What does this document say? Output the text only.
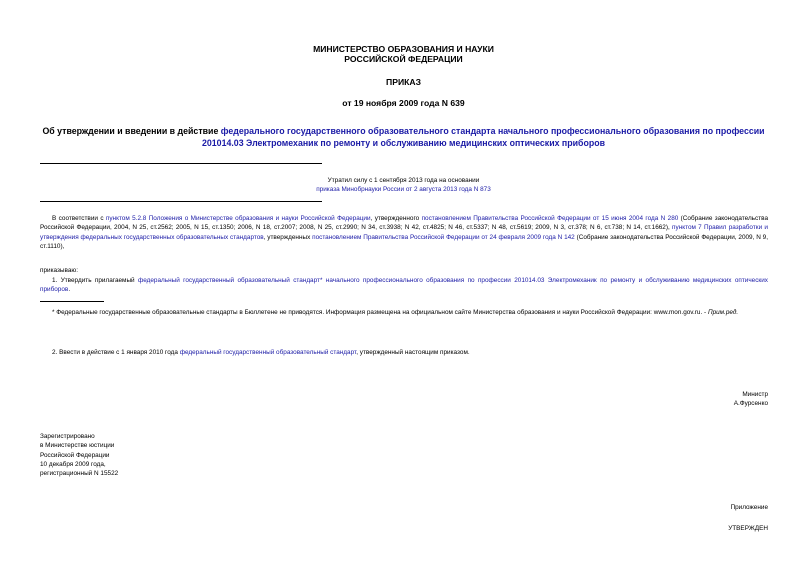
МИНИСТЕРСТВО ОБРАЗОВАНИЯ И НАУКИ
РОССИЙСКОЙ ФЕДЕРАЦИИ
ПРИКАЗ
от 19 ноября 2009 года N 639
Об утверждении и введении в действие федерального государственного образовательного стандарта начального профессионального образования по профессии 201014.03 Электромеханик по ремонту и обслуживанию медицинских оптических приборов
Утратил силу с 1 сентября 2013 года на основании
приказа Минобрнауки России от 2 августа 2013 года N 873
В соответствии с пунктом 5.2.8 Положения о Министерстве образования и науки Российской Федерации, утвержденного постановлением Правительства Российской Федерации от 15 июня 2004 года N 280 (Собрание законодательства Российской Федерации, 2004, N 25, ст.2562; 2005, N 15, ст.1350; 2006, N 18, ст.2007; 2008, N 25, ст.2990; N 34, ст.3938; N 42, ст.4825; N 46, ст.5337; N 48, ст.5619; 2009, N 3, ст.378; N 6, ст.738; N 14, ст.1662), пунктом 7 Правил разработки и утверждения федеральных государственных образовательных стандартов, утвержденных постановлением Правительства Российской Федерации от 24 февраля 2009 года N 142 (Собрание законодательства Российской Федерации, 2009, N 9, ст.1110),
приказываю:
1. Утвердить прилагаемый федеральный государственный образовательный стандарт* начального профессионального образования по профессии 201014.03 Электромеханик по ремонту и обслуживанию медицинских оптических приборов.
* Федеральные государственные образовательные стандарты в Бюллетене не приводятся. Информация размещена на официальном сайте Министерства образования и науки Российской Федерации: www.mon.gov.ru. - Прим.ред.
2. Ввести в действие с 1 января 2010 года федеральный государственный образовательный стандарт, утвержденный настоящим приказом.
Министр
А.Фурсенко
Зарегистрировано
в Министерстве юстиции
Российской Федерации
10 декабря 2009 года,
регистрационный N 15522
Приложение
УТВЕРЖДЕН
